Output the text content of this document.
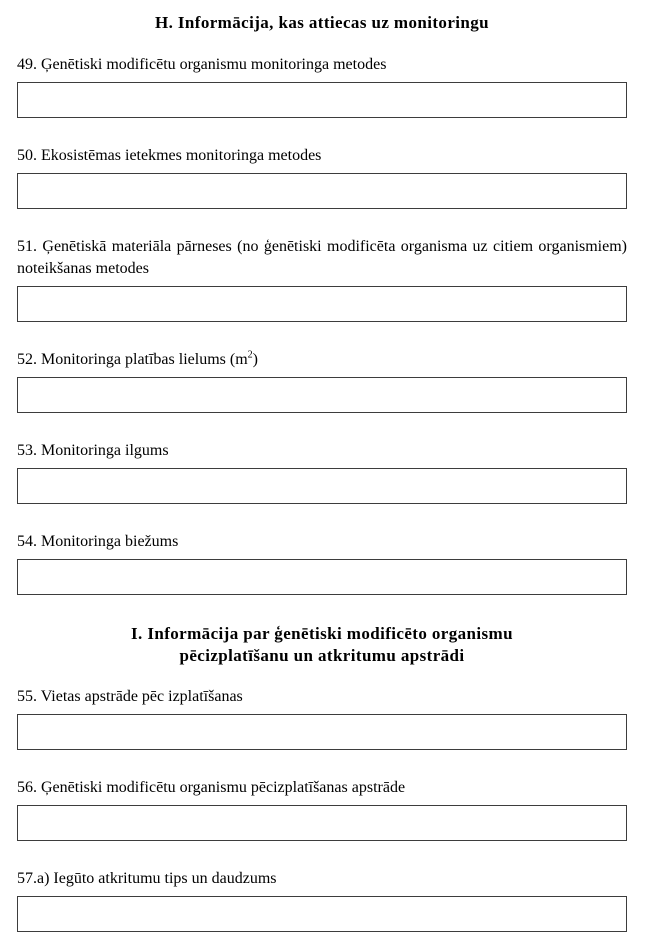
H. Informācija, kas attiecas uz monitoringu

49. Ģenētiski modificētu organismu monitoringa metodes

50. Ekosistēmas ietekmes monitoringa metodes

51. Ģenētiskā materiāla pārneses (no ģenētiski modificēta organisma uz citiem organismiem) noteikšanas metodes

52. Monitoringa platības lielums $(m^2)$

53. Monitoringa ilgums

54. Monitoringa biežums

I. Informācija par ģenētiski modificēto organismu
pēcizplatīšanu un atkritumu apstrādi

55. Vietas apstrāde pēc izplatīšanas

56. Ģenētiski modificētu organismu pēcizplatīšanas apstrāde

57.a) Iegūto atkritumu tips un daudzums
